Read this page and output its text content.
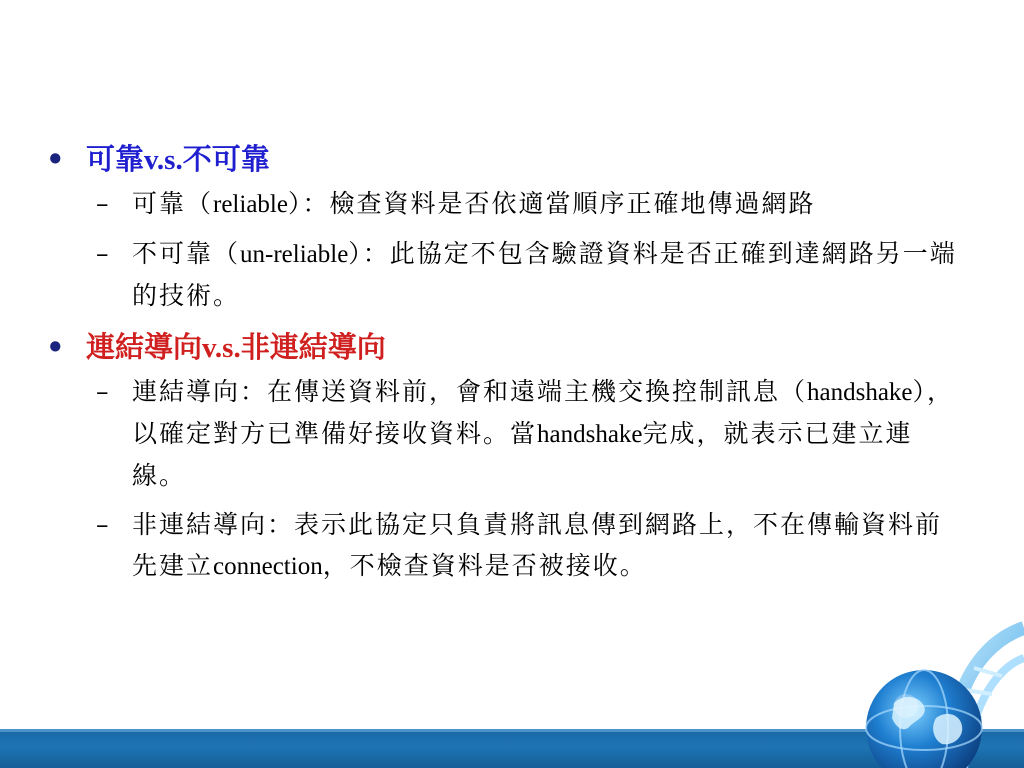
• 可靠v.s.不可靠
– 可靠（reliable）：檢查資料是否依適當順序正確地傳過網路
– 不可靠（un-reliable）：此協定不包含驗證資料是否正確到達網路另一端的技術。
• 連結導向v.s.非連結導向
– 連結導向：在傳送資料前，會和遠端主機交換控制訊息（handshake），以確定對方已準備好接收資料。當handshake完成，就表示已建立連線。
– 非連結導向：表示此協定只負責將訊息傳到網路上，不在傳輸資料前先建立connection，不檢查資料是否被接收。
